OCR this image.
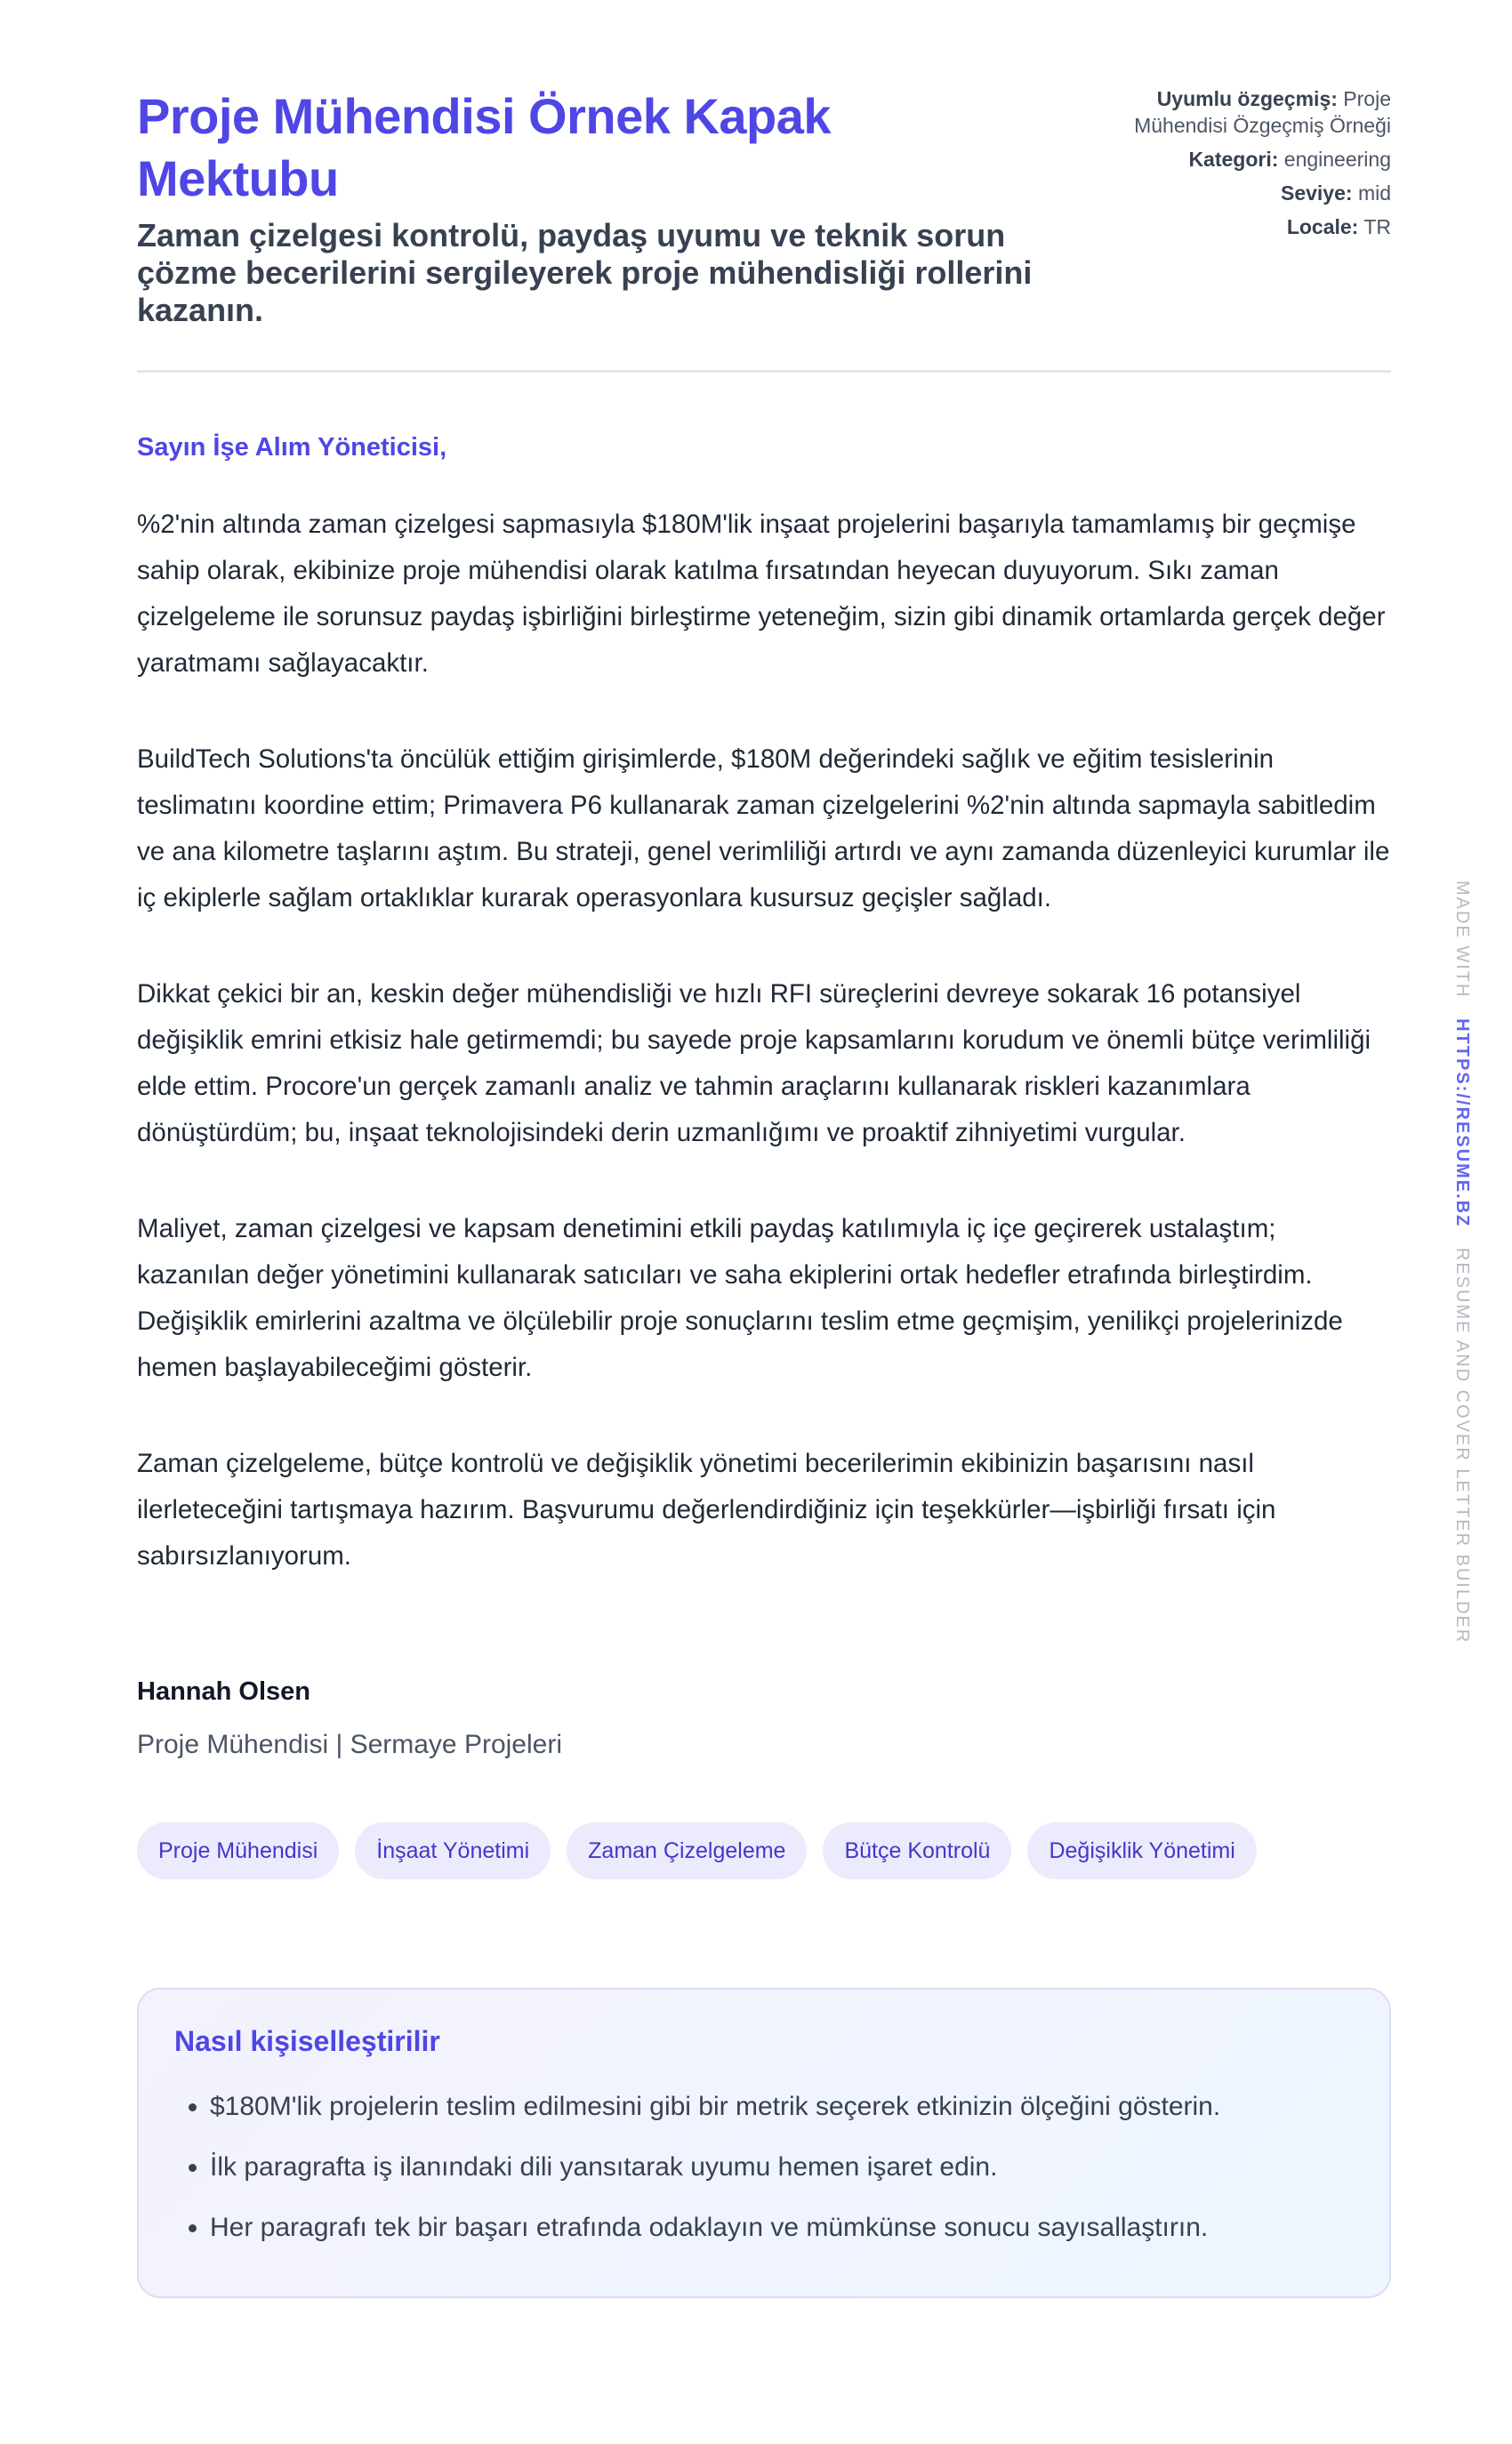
Proje Mühendisi Örnek Kapak Mektubu

Zaman çizelgesi kontrolü, paydaş uyumu ve teknik sorun çözme becerilerini sergileyerek proje mühendisliği rollerini kazanın.

Uyumlu özgeçmiş: Proje Mühendisi Özgeçmiş Örneği
Kategori: engineering
Seviye: mid
Locale: TR
Sayın İşe Alım Yöneticisi,

%2'nin altında zaman çizelgesi sapmasıyla $180M'lik inşaat projelerini başarıyla tamamlamış bir geçmişe sahip olarak, ekibinize proje mühendisi olarak katılma fırsatından heyecan duyuyorum. Sıkı zaman çizelgeleme ile sorunsuz paydaş işbirliğini birleştirme yeteneğim, sizin gibi dinamik ortamlarda gerçek değer yaratmamı sağlayacaktır.

BuildTech Solutions'ta öncülük ettiğim girişimlerde, $180M değerindeki sağlık ve eğitim tesislerinin teslimatını koordine ettim; Primavera P6 kullanarak zaman çizelgelerini %2'nin altında sapmayla sabitledim ve ana kilometre taşlarını aştım. Bu strateji, genel verimliliği artırdı ve aynı zamanda düzenleyici kurumlar ile iç ekiplerle sağlam ortaklıklar kurarak operasyonlara kusursuz geçişler sağladı.

Dikkat çekici bir an, keskin değer mühendisliği ve hızlı RFI süreçlerini devreye sokarak 16 potansiyel değişiklik emrini etkisiz hale getirmemdi; bu sayede proje kapsamlarını korudum ve önemli bütçe verimliliği elde ettim. Procore'un gerçek zamanlı analiz ve tahmin araçlarını kullanarak riskleri kazanımlara dönüştürdüm; bu, inşaat teknolojisindeki derin uzmanlığımı ve proaktif zihniyetimi vurgular.

Maliyet, zaman çizelgesi ve kapsam denetimini etkili paydaş katılımıyla iç içe geçirerek ustalaştım; kazanılan değer yönetimini kullanarak satıcıları ve saha ekiplerini ortak hedefler etrafında birleştirdim. Değişiklik emirlerini azaltma ve ölçülebilir proje sonuçlarını teslim etme geçmişim, yenilikçi projelerinizde hemen başlayabileceğimi gösterir.

Zaman çizelgeleme, bütçe kontrolü ve değişiklik yönetimi becerilerimin ekibinizin başarısını nasıl ilerleteceğini tartışmaya hazırım. Başvurumu değerlendirdiğiniz için teşekkürler—işbirliği fırsatı için sabırsızlanıyorum.

Hannah Olsen
Proje Mühendisi | Sermaye Projeleri
Proje Mühendisi	İnşaat Yönetimi	Zaman Çizelgeleme	Bütçe Kontrolü	Değişiklik Yönetimi
Nasıl kişiselleştirilir
• $180M'lik projelerin teslim edilmesini gibi bir metrik seçerek etkinizin ölçeğini gösterin.
• İlk paragrafta iş ilanındaki dili yansıtarak uyumu hemen işaret edin.
• Her paragrafı tek bir başarı etrafında odaklayın ve mümkünse sonucu sayısallaştırın.
MADE WITH   HTTPS://RESUME.BZ   RESUME AND COVER LETTER BUILDER
